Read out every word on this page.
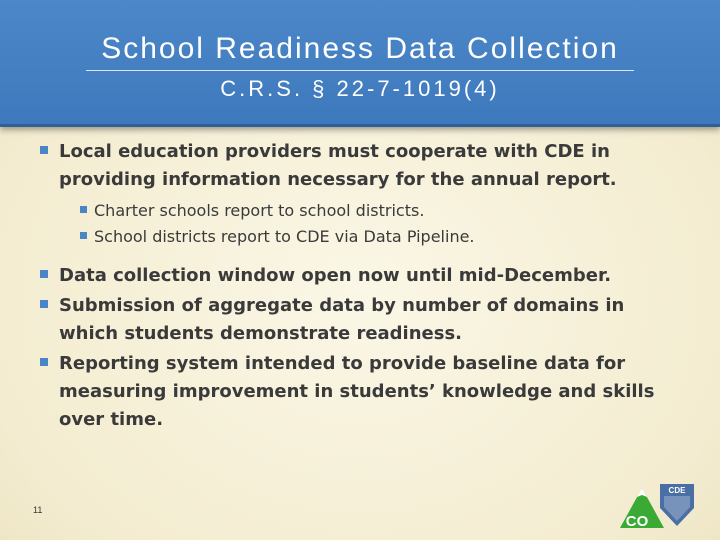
School Readiness Data Collection
C.R.S. § 22-7-1019(4)
Local education providers must cooperate with CDE in providing information necessary for the annual report.
Charter schools report to school districts.
School districts report to CDE via Data Pipeline.
Data collection window open now until mid-December.
Submission of aggregate data by number of domains in which students demonstrate readiness.
Reporting system intended to provide baseline data for measuring improvement in students’ knowledge and skills over time.
11
CDE
CO
